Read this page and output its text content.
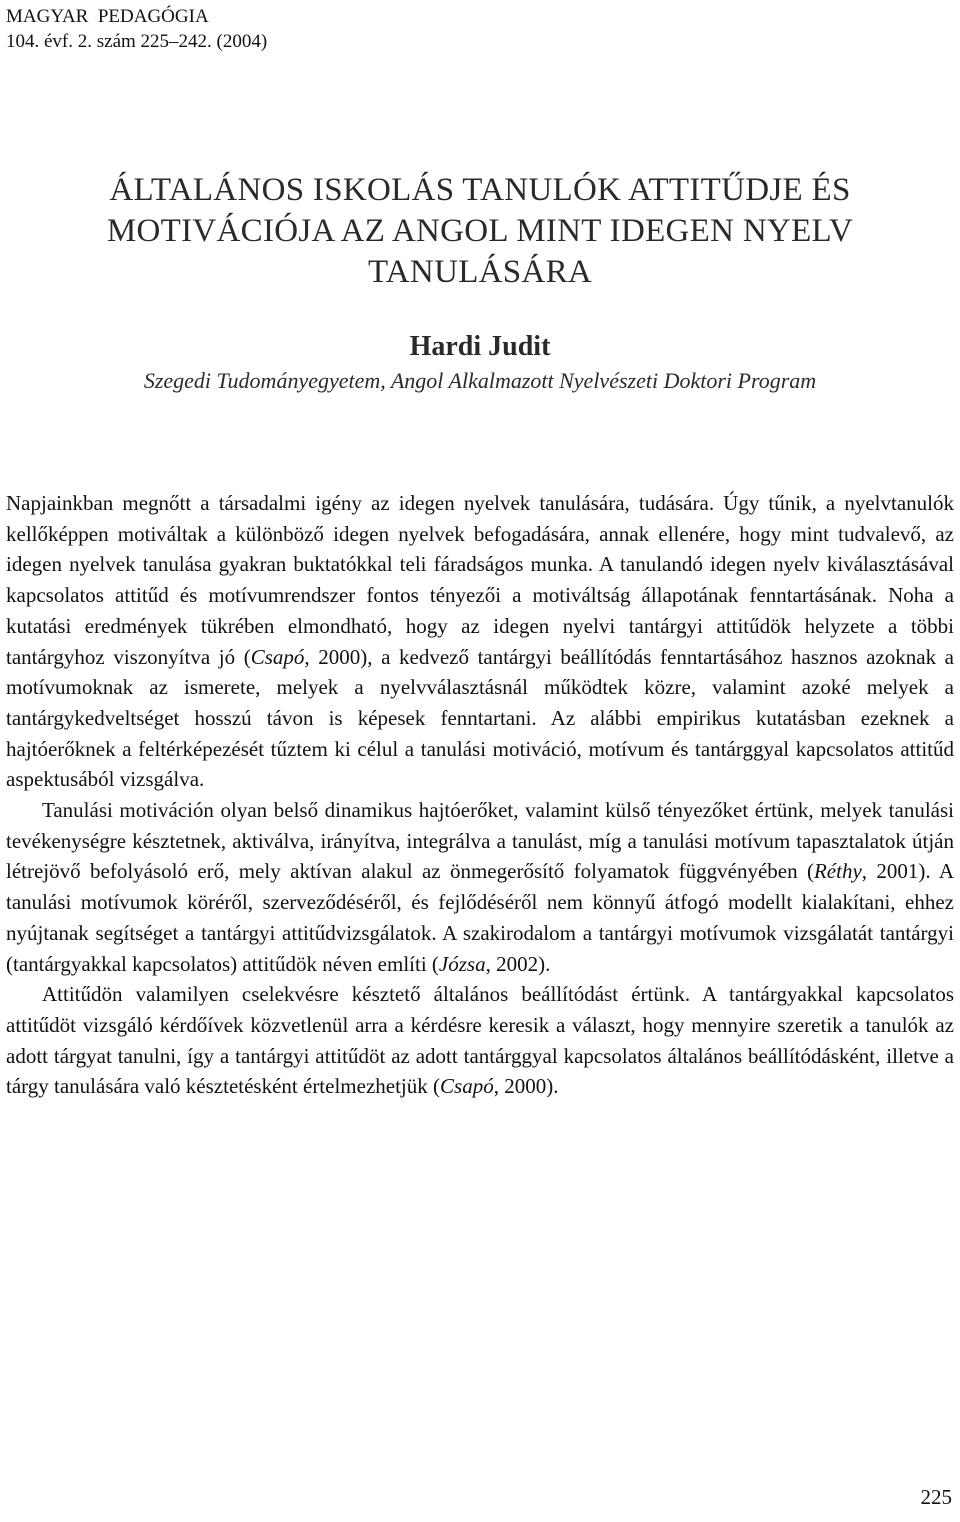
MAGYAR  PEDAGÓGIA
104. évf. 2. szám 225–242. (2004)
ÁLTALÁNOS ISKOLÁS TANULÓK ATTITŰDJE ÉS
MOTIVÁCIÓJA AZ ANGOL MINT IDEGEN NYELV
TANULÁSÁRA
Hardi Judit
Szegedi Tudományegyetem, Angol Alkalmazott Nyelvészeti Doktori Program

Napjainkban megnőtt a társadalmi igény az idegen nyelvek tanulására, tudására. Úgy tűnik, a nyelvtanulók kellőképpen motiváltak a különböző idegen nyelvek befogadására, annak ellenére, hogy mint tudvalevő, az idegen nyelvek tanulása gyakran buktatókkal teli fáradságos munka. A tanulandó idegen nyelv kiválasztásával kapcsolatos attitűd és motívumrendszer fontos tényezői a motiváltság állapotának fenntartásának. Noha a kutatási eredmények tükrében elmondható, hogy az idegen nyelvi tantárgyi attitűdök helyzete a többi tantárgyhoz viszonyítva jó (Csapó, 2000), a kedvező tantárgyi beállítódás fenntartásához hasznos azoknak a motívumoknak az ismerete, melyek a nyelvválasztásnál működtek közre, valamint azoké melyek a tantárgykedveltséget hosszú távon is képesek fenntartani. Az alábbi empirikus kutatásban ezeknek a hajtóerőknek a feltérképezését tűztem ki célul a tanulási motiváció, motívum és tantárggyal kapcsolatos attitűd aspektusából vizsgálva.

Tanulási motiváción olyan belső dinamikus hajtóerőket, valamint külső tényezőket értünk, melyek tanulási tevékenységre késztetnek, aktiválva, irányítva, integrálva a tanulást, míg a tanulási motívum tapasztalatok útján létrejövő befolyásoló erő, mely aktívan alakul az önmegerősítő folyamatok függvényében (Réthy, 2001). A tanulási motívumok köréről, szerveződéséről, és fejlődéséről nem könnyű átfogó modellt kialakítani, ehhez nyújtanak segítséget a tantárgyi attitűdvizsgálatok. A szakirodalom a tantárgyi motívumok vizsgálatát tantárgyi (tantárgyakkal kapcsolatos) attitűdök néven említi (Józsa, 2002).

Attitűdön valamilyen cselekvésre késztető általános beállítódást értünk. A tantárgyakkal kapcsolatos attitűdöt vizsgáló kérdőívek közvetlenül arra a kérdésre keresik a választ, hogy mennyire szeretik a tanulók az adott tárgyat tanulni, így a tantárgyi attitűdöt az adott tantárggyal kapcsolatos általános beállítódásként, illetve a tárgy tanulására való késztetésként értelmezhetjük (Csapó, 2000).

225
